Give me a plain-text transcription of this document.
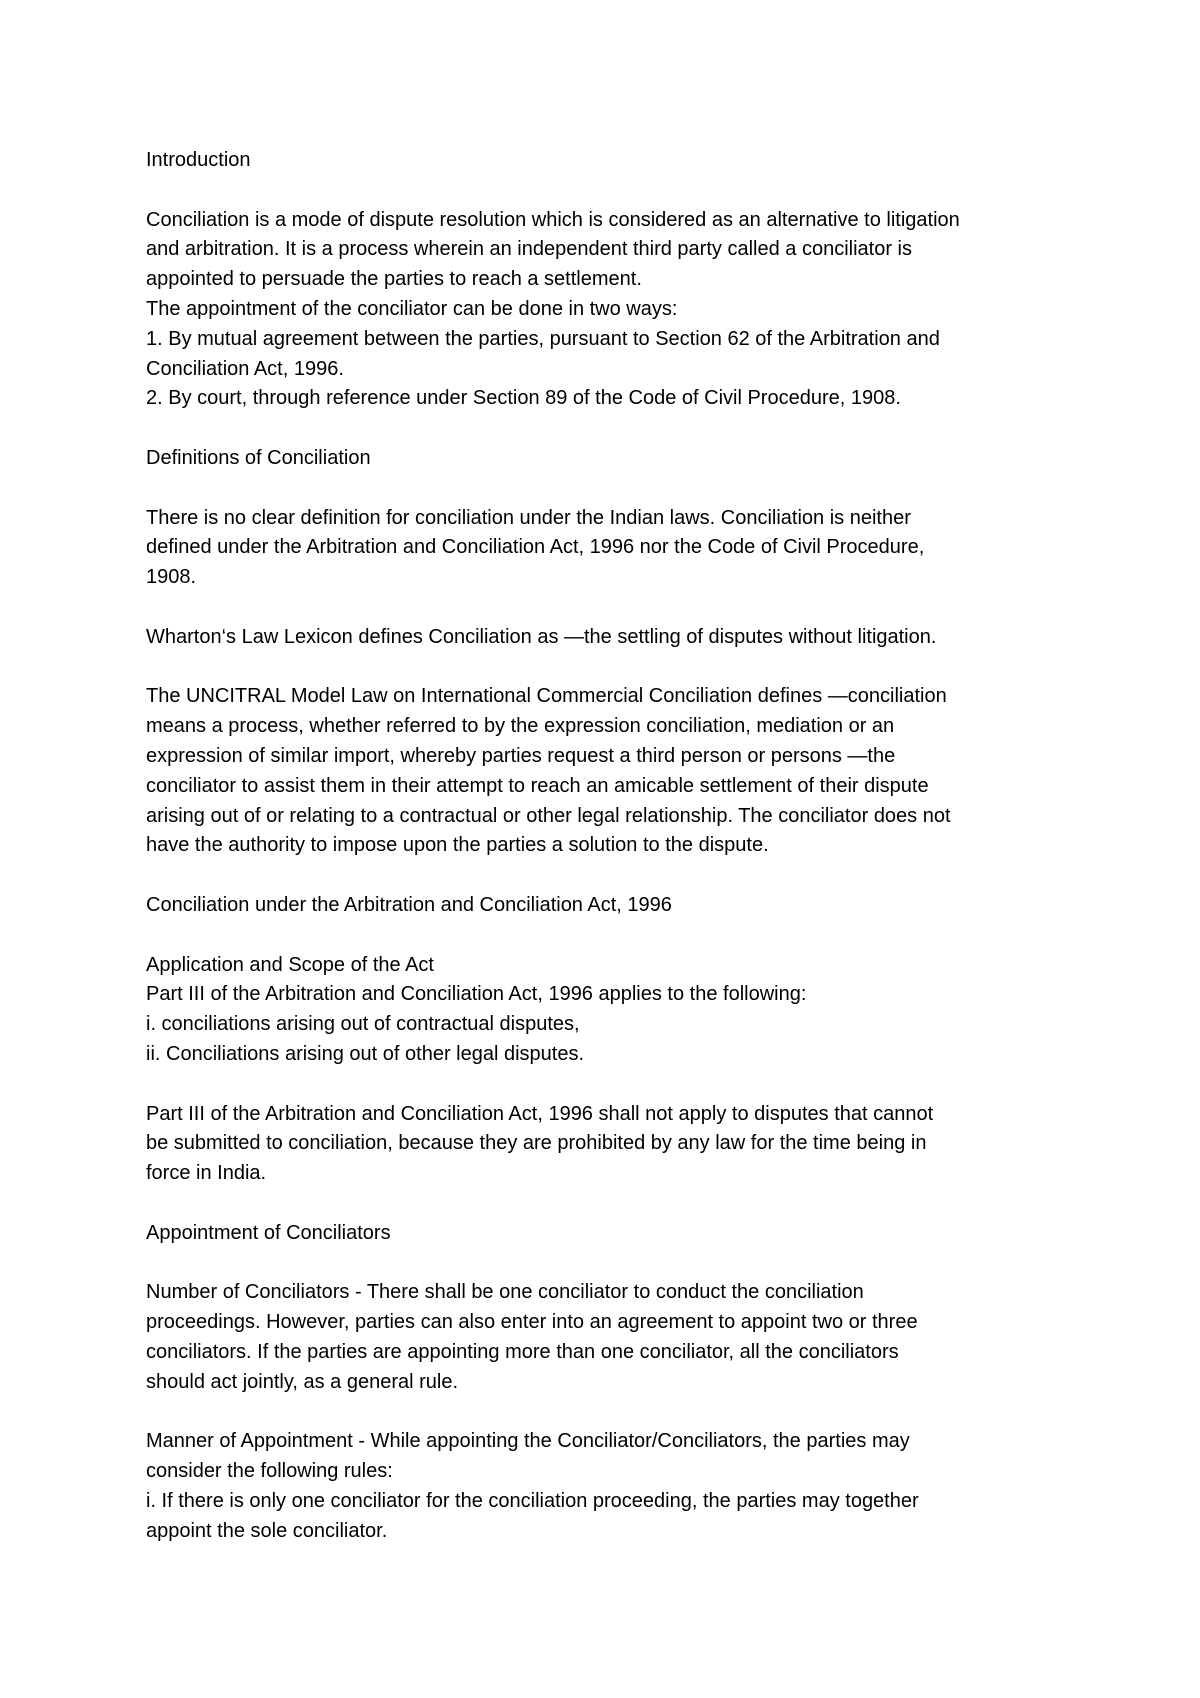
Introduction

Conciliation is a mode of dispute resolution which is considered as an alternative to litigation

and arbitration. It is a process wherein an independent third party called a conciliator is

appointed to persuade the parties to reach a settlement.

The appointment of the conciliator can be done in two ways:

1. By mutual agreement between the parties, pursuant to Section 62 of the Arbitration and

Conciliation Act, 1996.

2. By court, through reference under Section 89 of the Code of Civil Procedure, 1908.

Definitions of Conciliation

There is no clear definition for conciliation under the Indian laws. Conciliation is neither

defined under the Arbitration and Conciliation Act, 1996 nor the Code of Civil Procedure,

1908.

Wharton‘s Law Lexicon defines Conciliation as ―the settling of disputes without litigation.

The UNCITRAL Model Law on International Commercial Conciliation defines ―conciliation

means a process, whether referred to by the expression conciliation, mediation or an

expression of similar import, whereby parties request a third person or persons ―the

conciliator to assist them in their attempt to reach an amicable settlement of their dispute

arising out of or relating to a contractual or other legal relationship. The conciliator does not

have the authority to impose upon the parties a solution to the dispute.

Conciliation under the Arbitration and Conciliation Act, 1996

Application and Scope of the Act

Part III of the Arbitration and Conciliation Act, 1996 applies to the following:

i. conciliations arising out of contractual disputes,

ii. Conciliations arising out of other legal disputes.

Part III of the Arbitration and Conciliation Act, 1996 shall not apply to disputes that cannot

be submitted to conciliation, because they are prohibited by any law for the time being in

force in India.

Appointment of Conciliators

Number of Conciliators - There shall be one conciliator to conduct the conciliation

proceedings. However, parties can also enter into an agreement to appoint two or three

conciliators. If the parties are appointing more than one conciliator, all the conciliators

should act jointly, as a general rule.

Manner of Appointment - While appointing the Conciliator/Conciliators, the parties may

consider the following rules:

i. If there is only one conciliator for the conciliation proceeding, the parties may together

appoint the sole conciliator.
